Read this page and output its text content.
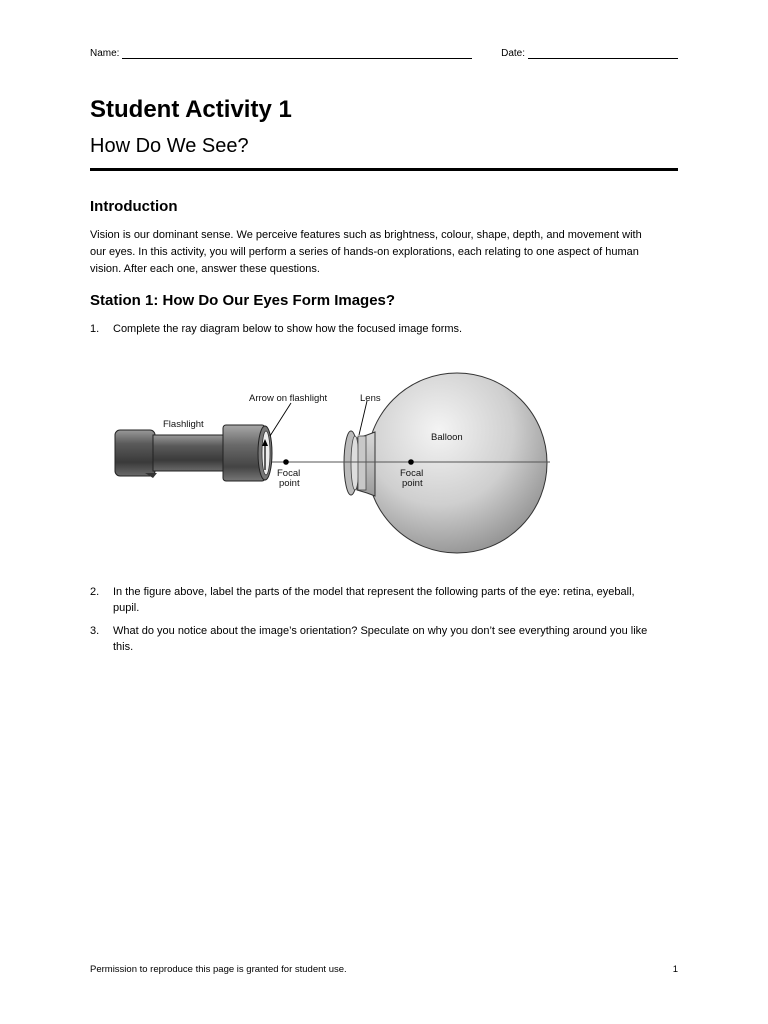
Name:	Date:
Student Activity 1
How Do We See?
Introduction

Vision is our dominant sense. We perceive features such as brightness, colour, shape, depth, and movement with our eyes. In this activity, you will perform a series of hands-on explorations, each relating to one aspect of human vision. After each one, answer these questions.

Station 1: How Do Our Eyes Form Images?
1.	Complete the ray diagram below to show how the focused image forms.
Flashlight
Arrow on flashlight	Lens
Balloon
Focal
point
Focal
point
2.	In the figure above, label the parts of the model that represent the following parts of the eye: retina, eyeball, pupil.
3.	What do you notice about the image’s orientation? Speculate on why you don’t see everything around you like this.
Permission to reproduce this page is granted for student use.	1
